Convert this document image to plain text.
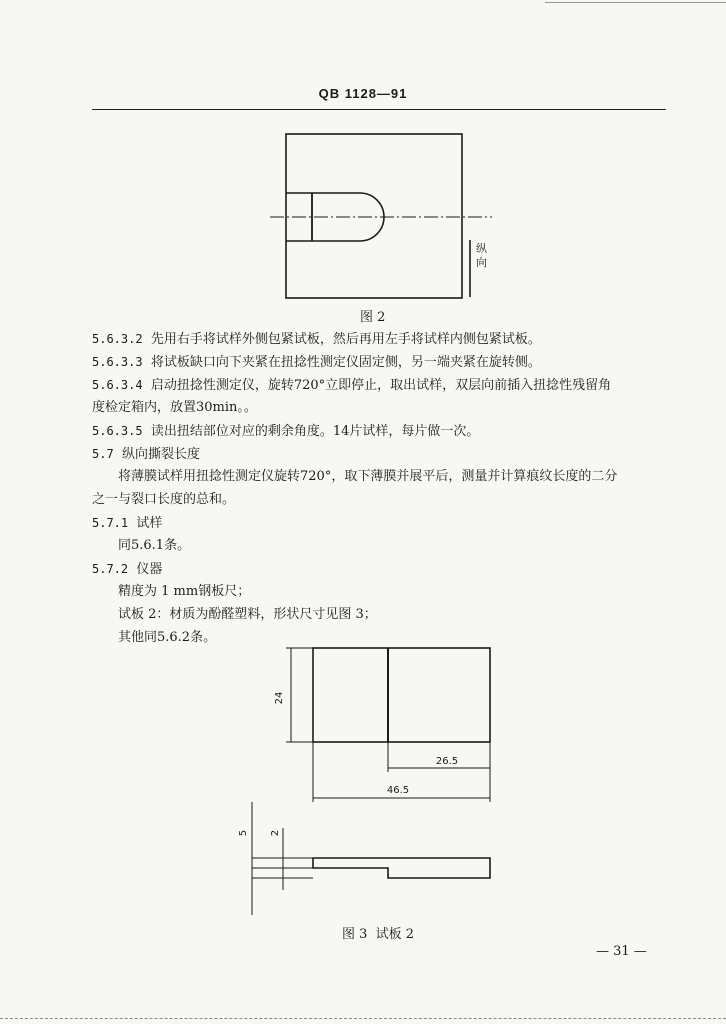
QB 1128—91
纵
向
图 2
5.6.3.2 先用右手将试样外侧包紧试板，然后再用左手将试样内侧包紧试板。
5.6.3.3 将试板缺口向下夹紧在扭捻性测定仪固定侧，另一端夹紧在旋转侧。
5.6.3.4 启动扭捻性测定仪，旋转720°立即停止，取出试样，双层向前插入扭捻性残留角
度检定箱内，放置30min。。
5.6.3.5 读出扭结部位对应的剩余角度。14片试样，每片做一次。
5.7 纵向撕裂长度
将薄膜试样用扭捻性测定仪旋转720°，取下薄膜并展平后，测量并计算痕纹长度的二分
之一与裂口长度的总和。
5.7.1 试样
同5.6.1条。
5.7.2 仪器
精度为 1 mm钢板尺；
试板 2：材质为酚醛塑料，形状尺寸见图 3；
其他同5.6.2条。
24
26.5
46.5
5 2
图 3  试板 2
— 31 —
